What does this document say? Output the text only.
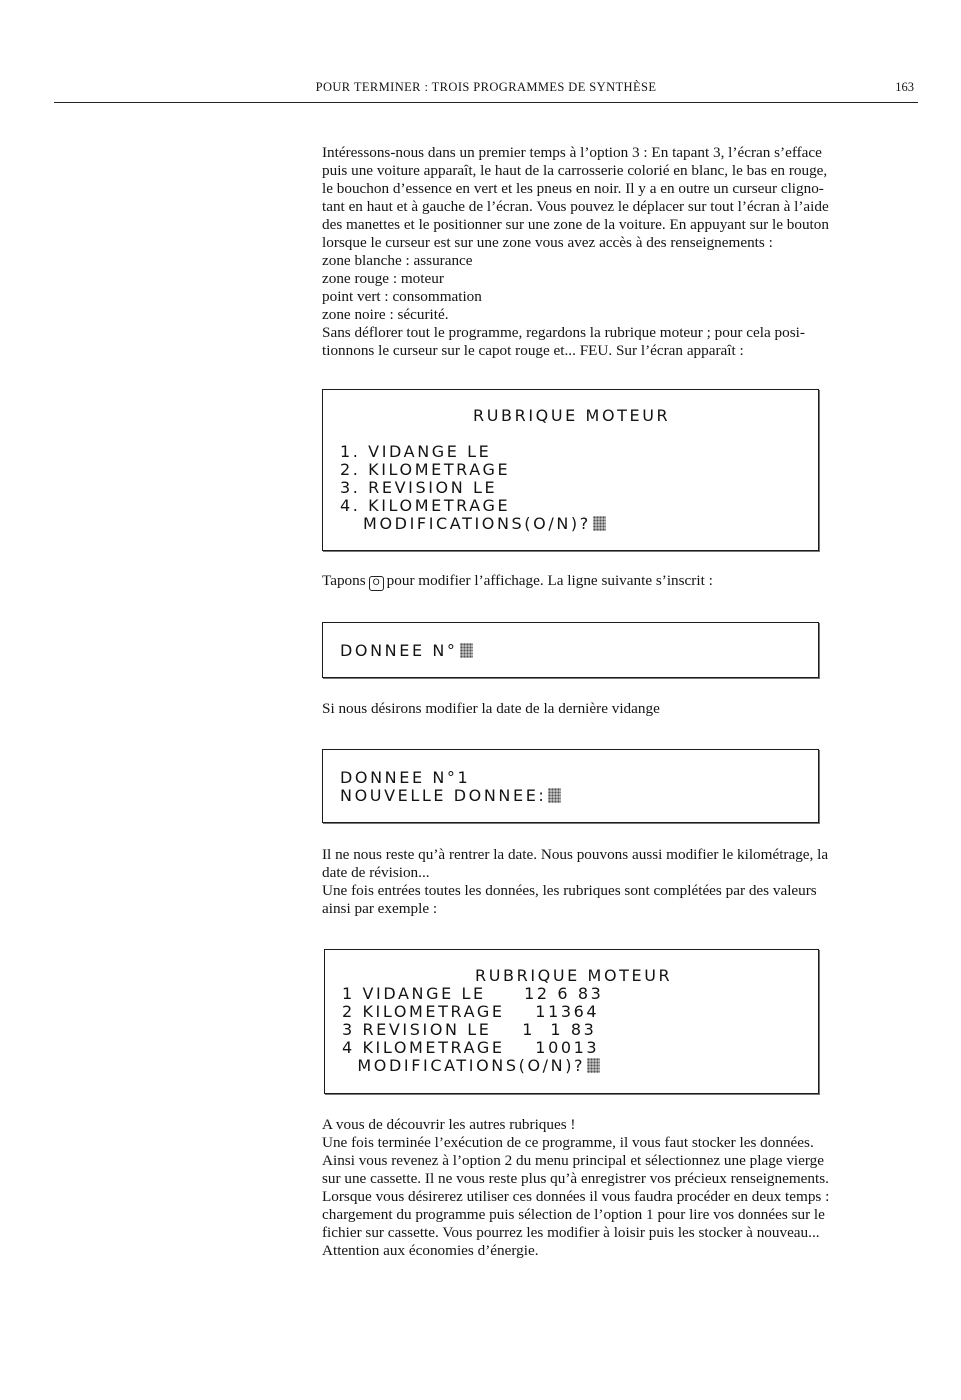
POUR TERMINER : TROIS PROGRAMMES DE SYNTHÈSE	163
Intéressons-nous dans un premier temps à l’option 3 : En tapant 3, l’écran s’efface
puis une voiture apparaît, le haut de la carrosserie colorié en blanc, le bas en rouge,
le bouchon d’essence en vert et les pneus en noir. Il y a en outre un curseur cligno-
tant en haut et à gauche de l’écran. Vous pouvez le déplacer sur tout l’écran à l’aide
des manettes et le positionner sur une zone de la voiture. En appuyant sur le bouton
lorsque le curseur est sur une zone vous avez accès à des renseignements :
zone blanche : assurance
zone rouge : moteur
point vert : consommation
zone noire : sécurité.
Sans déflorer tout le programme, regardons la rubrique moteur ; pour cela posi-
tionnons le curseur sur le capot rouge et... FEU. Sur l’écran apparaît :
RUBRIQUE MOTEUR
1. VIDANGE LE
2. KILOMETRAGE
3. REVISION LE
4. KILOMETRAGE
MODIFICATIONS(O/N)?
Tapons O pour modifier l’affichage. La ligne suivante s’inscrit :
DONNEE N°
Si nous désirons modifier la date de la dernière vidange
DONNEE N°1
NOUVELLE DONNEE:
Il ne nous reste qu’à rentrer la date. Nous pouvons aussi modifier le kilométrage, la
date de révision...
Une fois entrées toutes les données, les rubriques sont complétées par des valeurs
ainsi par exemple :
RUBRIQUE MOTEUR
1 VIDANGE LE     12 6 83
2 KILOMETRAGE    11364
3 REVISION LE    1  1 83
4 KILOMETRAGE    10013
MODIFICATIONS(O/N)?
A vous de découvrir les autres rubriques !
Une fois terminée l’exécution de ce programme, il vous faut stocker les données.
Ainsi vous revenez à l’option 2 du menu principal et sélectionnez une plage vierge
sur une cassette. Il ne vous reste plus qu’à enregistrer vos précieux renseignements.
Lorsque vous désirerez utiliser ces données il vous faudra procéder en deux temps :
chargement du programme puis sélection de l’option 1 pour lire vos données sur le
fichier sur cassette. Vous pourrez les modifier à loisir puis les stocker à nouveau...
Attention aux économies d’énergie.
